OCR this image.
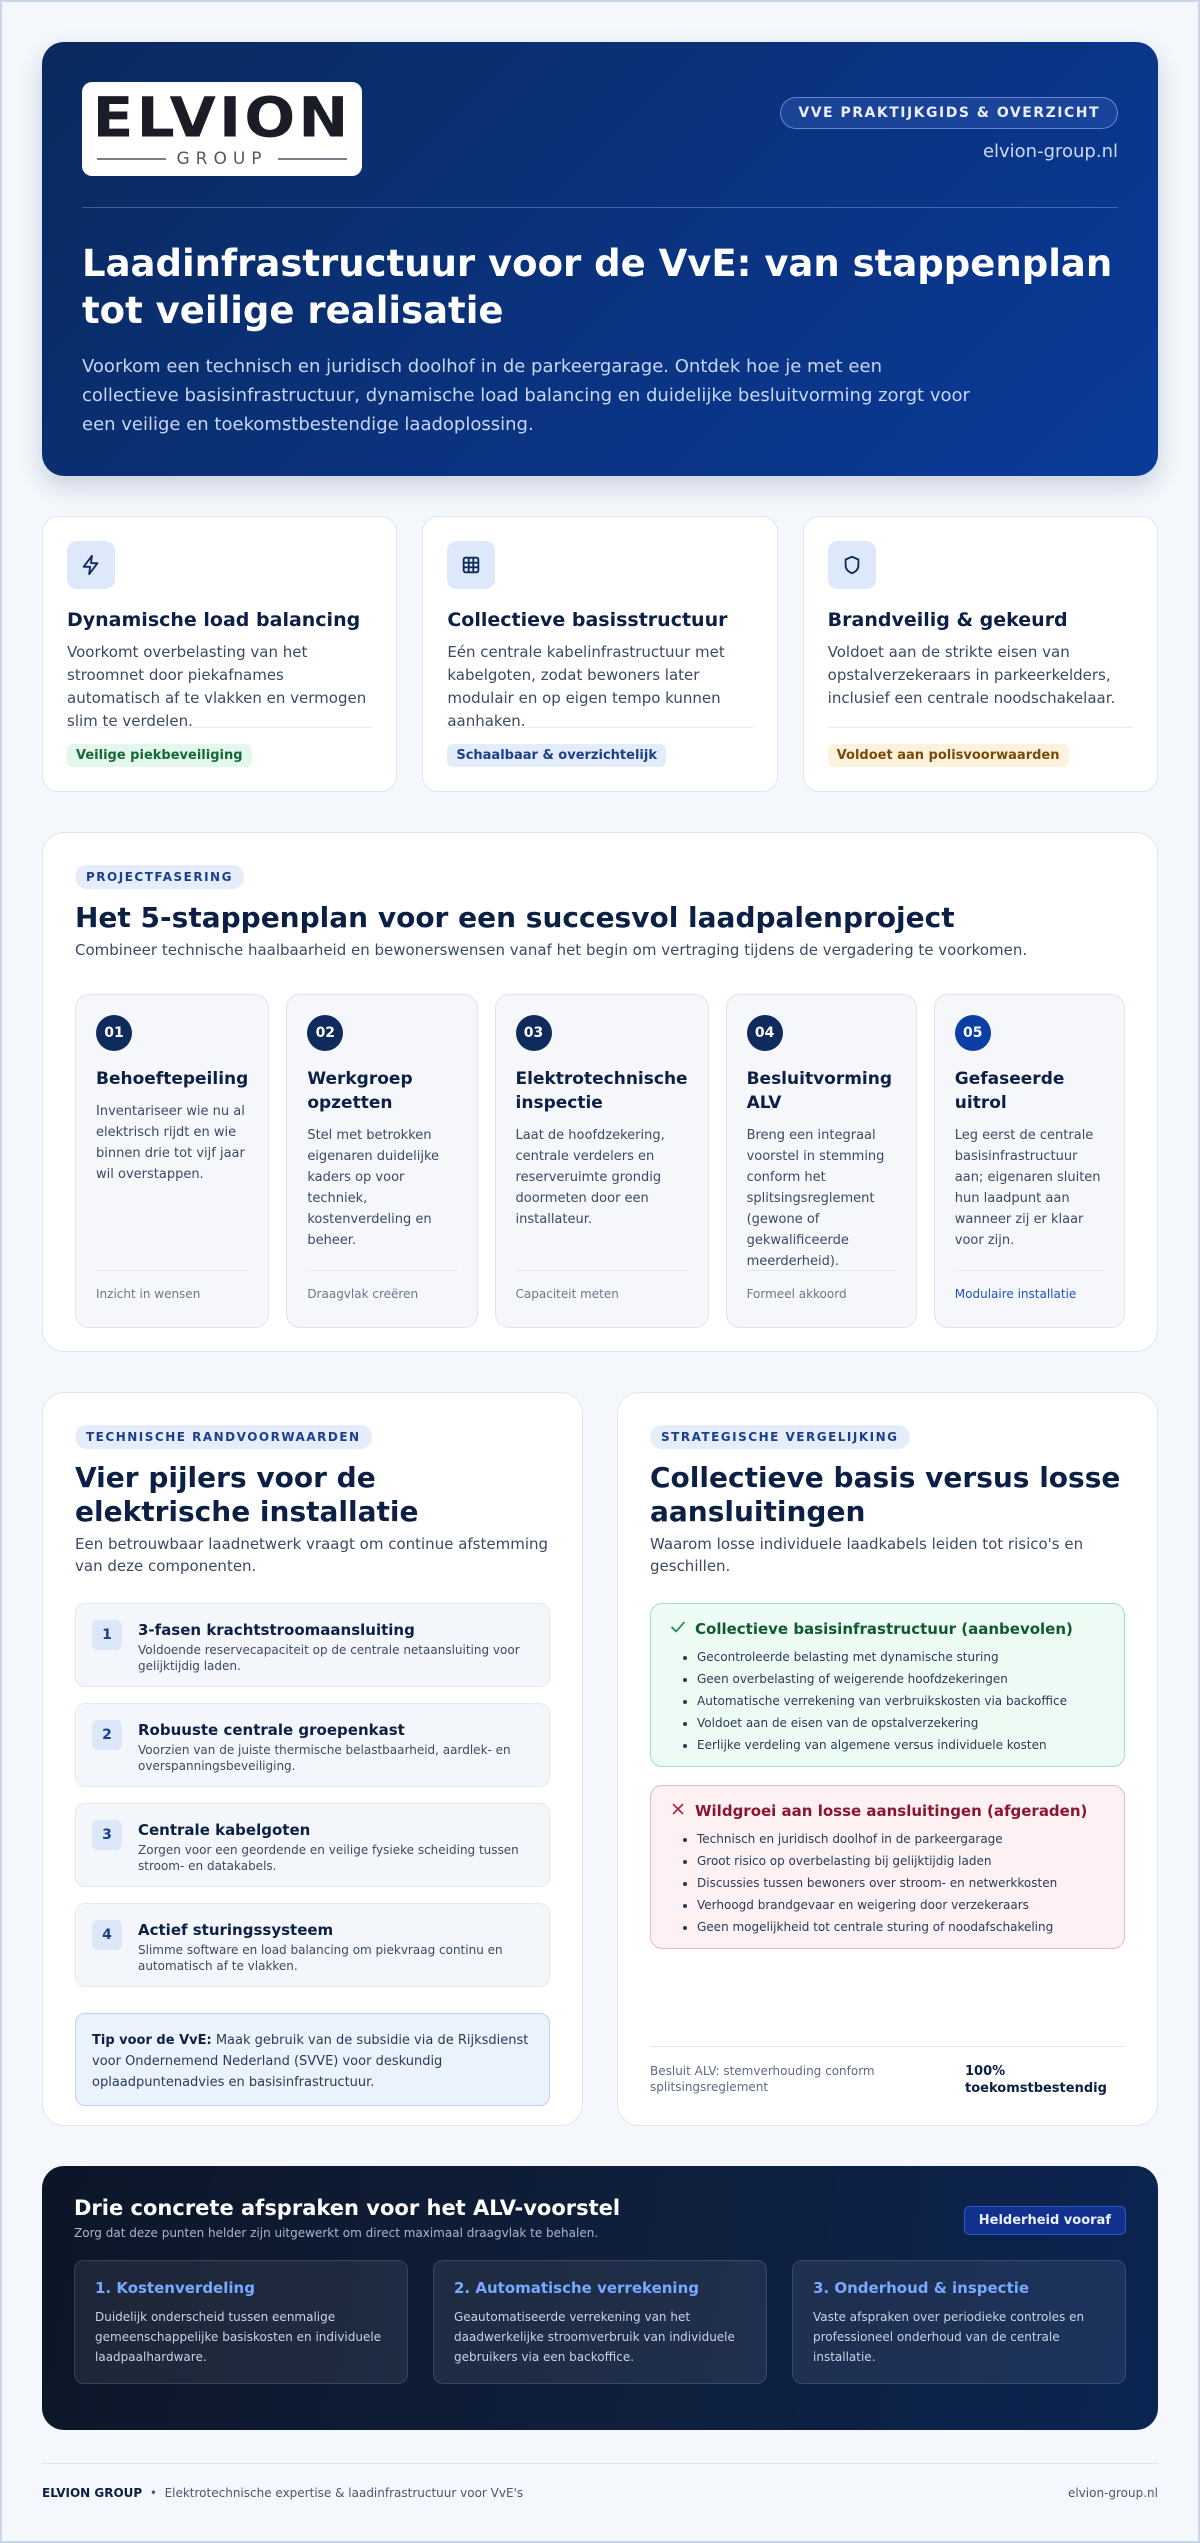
ELVION
GROUP
VVE PRAKTIJKGIDS & OVERZICHT
elvion-group.nl
Laadinfrastructuur voor de VvE: van stappenplan tot veilige realisatie

Voorkom een technisch en juridisch doolhof in de parkeergarage. Ontdek hoe je met een collectieve basisinfrastructuur, dynamische load balancing en duidelijke besluitvorming zorgt voor een veilige en toekomstbestendige laadoplossing.

Dynamische load balancing
Voorkomt overbelasting van het stroomnet door piekafnames automatisch af te vlakken en vermogen slim te verdelen.
Veilige piekbeveiliging
Collectieve basisstructuur
Eén centrale kabelinfrastructuur met kabelgoten, zodat bewoners later modulair en op eigen tempo kunnen aanhaken.
Schaalbaar & overzichtelijk
Brandveilig & gekeurd
Voldoet aan de strikte eisen van opstalverzekeraars in parkeerkelders, inclusief een centrale noodschakelaar.
Voldoet aan polisvoorwaarden
PROJECTFASERING
Het 5-stappenplan voor een succesvol laadpalenproject

Combineer technische haalbaarheid en bewonerswensen vanaf het begin om vertraging tijdens de vergadering te voorkomen.

01
Behoeftepeiling
Inventariseer wie nu al elektrisch rijdt en wie binnen drie tot vijf jaar wil overstappen.
Inzicht in wensen
02
Werkgroep opzetten
Stel met betrokken eigenaren duidelijke kaders op voor techniek, kostenverdeling en beheer.
Draagvlak creëren
03
Elektrotechnische inspectie
Laat de hoofdzekering, centrale verdelers en reserveruimte grondig doormeten door een installateur.
Capaciteit meten
04
Besluitvorming ALV
Breng een integraal voorstel in stemming conform het splitsingsreglement (gewone of gekwalificeerde meerderheid).
Formeel akkoord
05
Gefaseerde uitrol
Leg eerst de centrale basisinfrastructuur aan; eigenaren sluiten hun laadpunt aan wanneer zij er klaar voor zijn.
Modulaire installatie
TECHNISCHE RANDVOORWAARDEN
Vier pijlers voor de elektrische installatie

Een betrouwbaar laadnetwerk vraagt om continue afstemming van deze componenten.

1	3-fasen krachtstroomaansluiting
Voldoende reservecapaciteit op de centrale netaansluiting voor gelijktijdig laden.
2	Robuuste centrale groepenkast
Voorzien van de juiste thermische belastbaarheid, aardlek- en overspanningsbeveiliging.
3	Centrale kabelgoten
Zorgen voor een geordende en veilige fysieke scheiding tussen stroom- en datakabels.
4	Actief sturingssysteem
Slimme software en load balancing om piekvraag continu en automatisch af te vlakken.
Tip voor de VvE: Maak gebruik van de subsidie via de Rijksdienst voor Ondernemend Nederland (SVVE) voor deskundig oplaadpuntenadvies en basisinfrastructuur.
STRATEGISCHE VERGELIJKING
Collectieve basis versus losse aansluitingen

Waarom losse individuele laadkabels leiden tot risico's en geschillen.

Collectieve basisinfrastructuur (aanbevolen)
• Gecontroleerde belasting met dynamische sturing
• Geen overbelasting of weigerende hoofdzekeringen
• Automatische verrekening van verbruikskosten via backoffice
• Voldoet aan de eisen van de opstalverzekering
• Eerlijke verdeling van algemene versus individuele kosten
Wildgroei aan losse aansluitingen (afgeraden)
• Technisch en juridisch doolhof in de parkeergarage
• Groot risico op overbelasting bij gelijktijdig laden
• Discussies tussen bewoners over stroom- en netwerkkosten
• Verhoogd brandgevaar en weigering door verzekeraars
• Geen mogelijkheid tot centrale sturing of noodafschakeling
Besluit ALV: stemverhouding conform splitsingsreglement
100% toekomstbestendig
Drie concrete afspraken voor het ALV-voorstel
Zorg dat deze punten helder zijn uitgewerkt om direct maximaal draagvlak te behalen.
Helderheid vooraf
1. Kostenverdeling
Duidelijk onderscheid tussen eenmalige gemeenschappelijke basiskosten en individuele laadpaalhardware.
2. Automatische verrekening
Geautomatiseerde verrekening van het daadwerkelijke stroomverbruik van individuele gebruikers via een backoffice.
3. Onderhoud & inspectie
Vaste afspraken over periodieke controles en professioneel onderhoud van de centrale installatie.
ELVION GROUP • Elektrotechnische expertise & laadinfrastructuur voor VvE's	elvion-group.nl
